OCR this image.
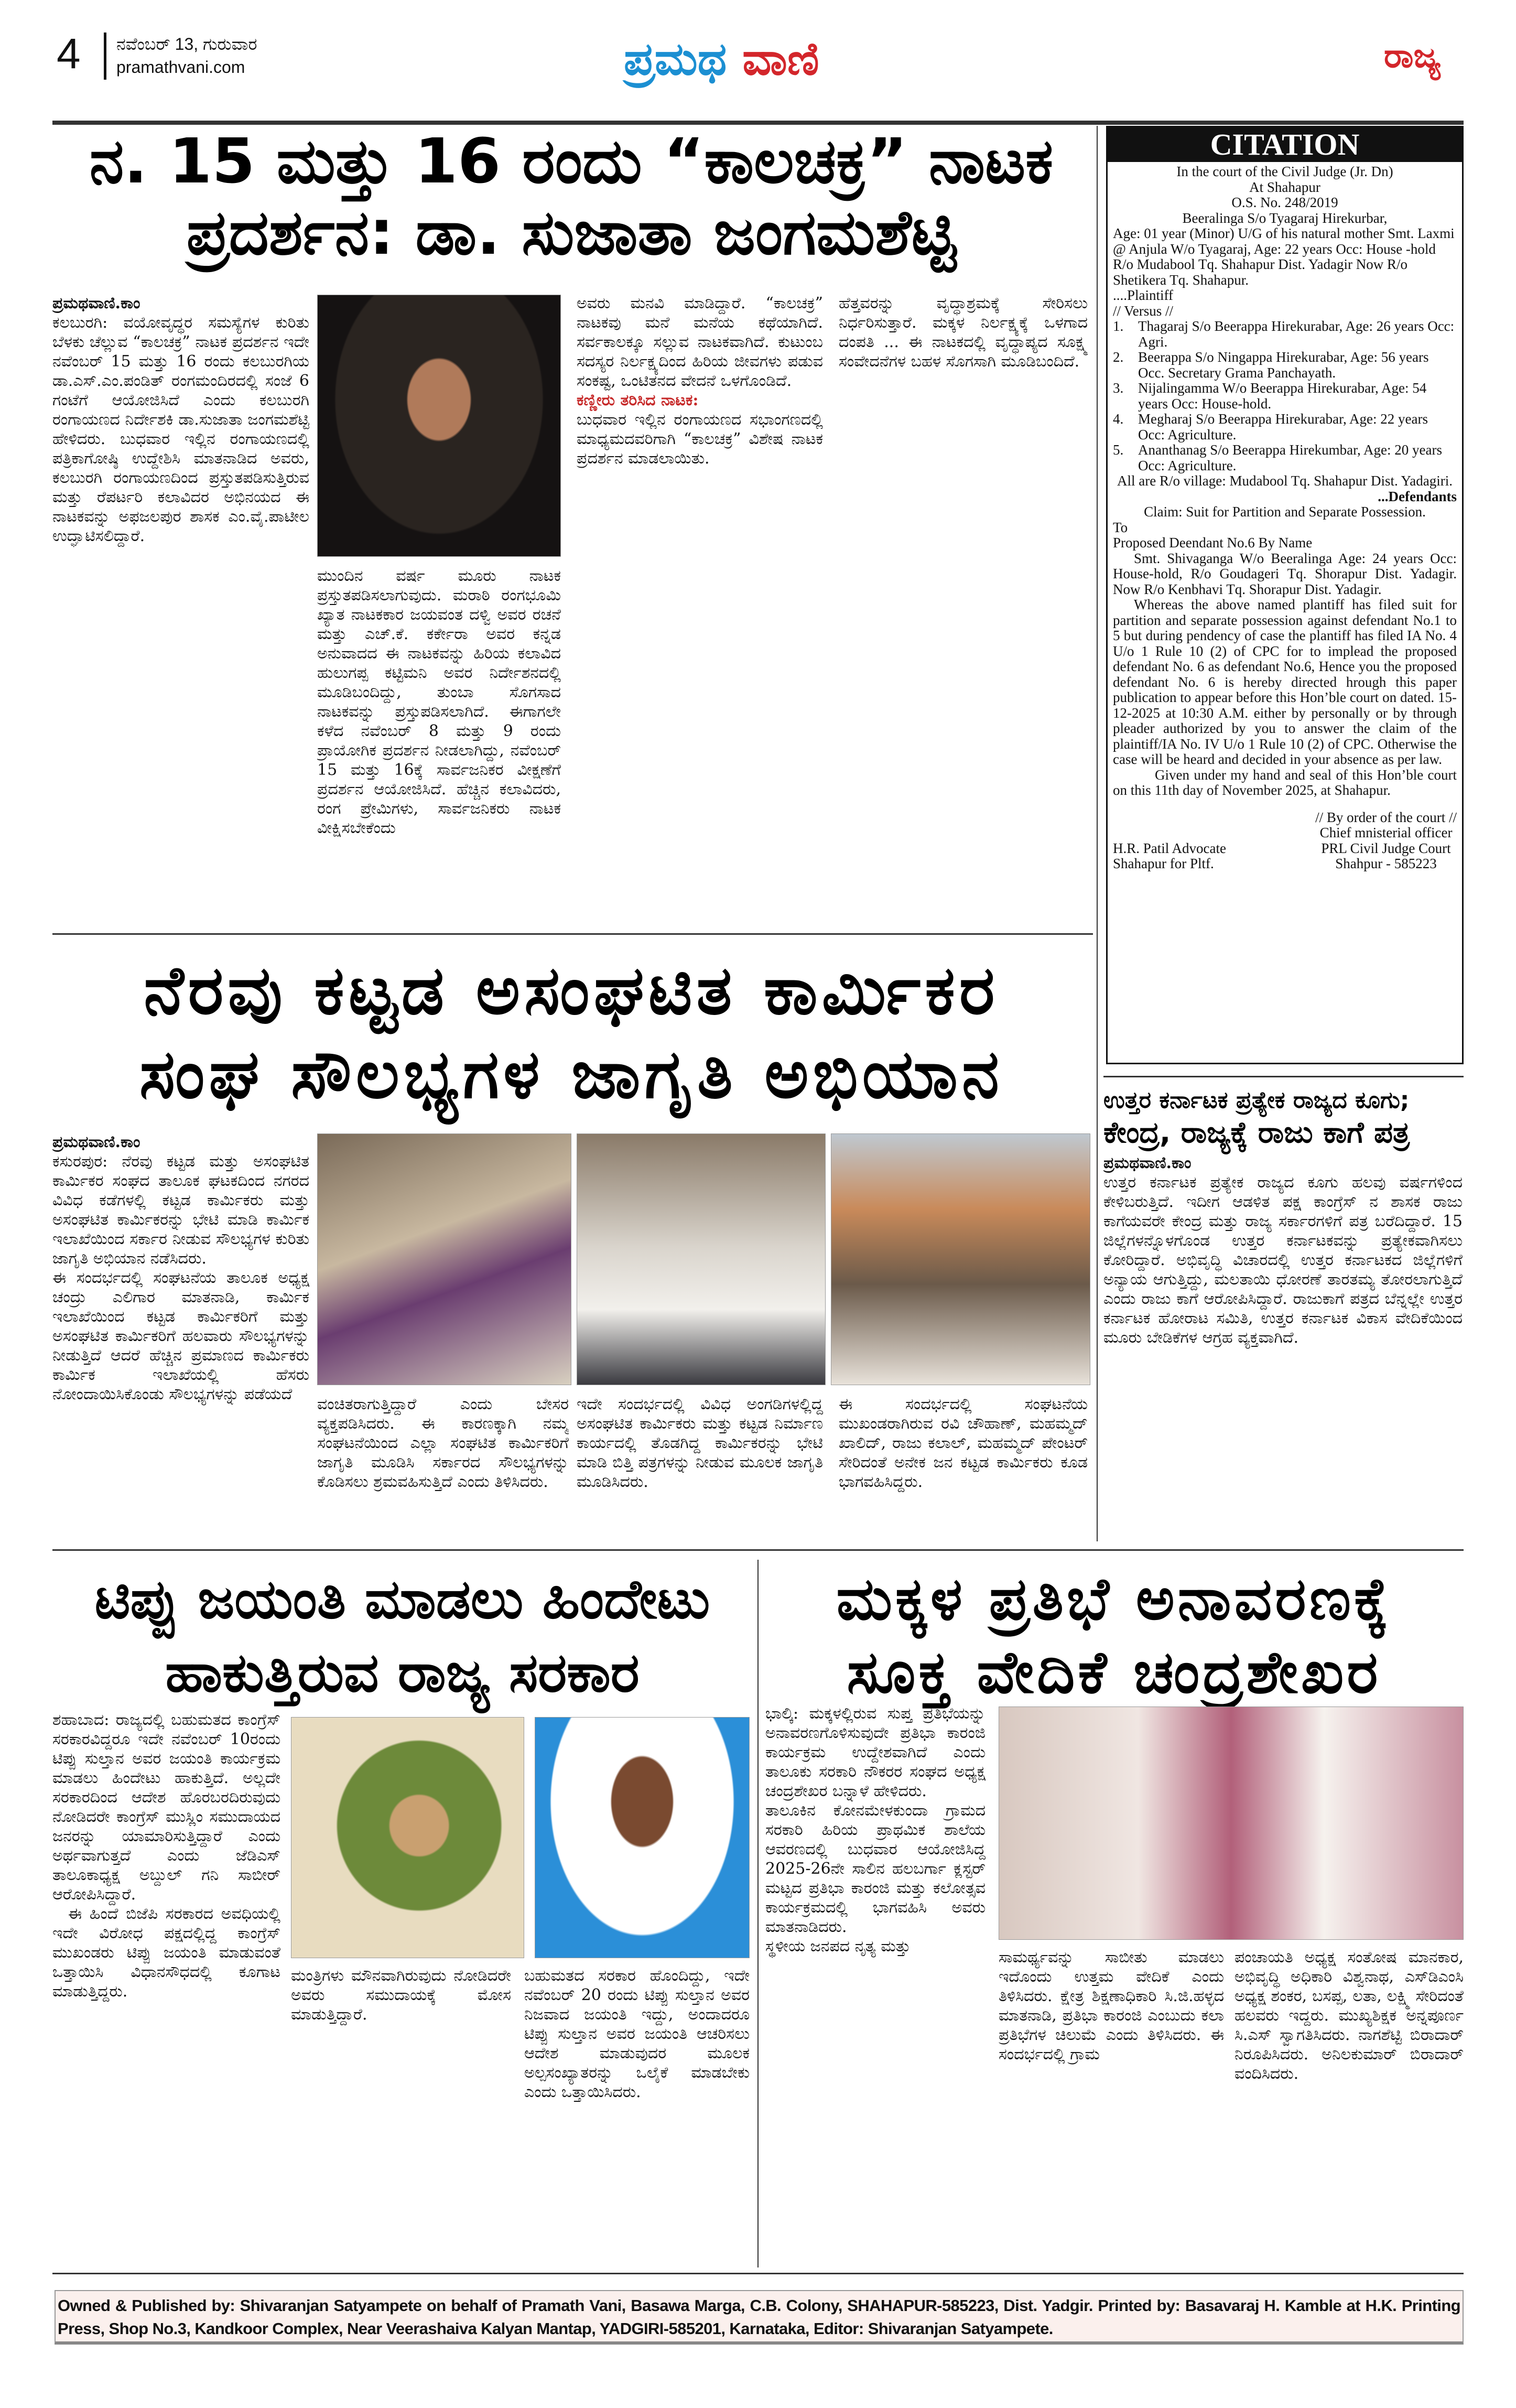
4 ನವೆಂಬರ್ 13, ಗುರುವಾರ
pramathvani.com	ಪ್ರಮಥ ವಾಣಿ	ರಾಜ್ಯ
ನ. 15 ಮತ್ತು 16 ರಂದು “ಕಾಲಚಕ್ರ” ನಾಟಕ
ಪ್ರದರ್ಶನ: ಡಾ. ಸುಜಾತಾ ಜಂಗಮಶೆಟ್ಟಿ

ಪ್ರಮಥವಾಣಿ.ಕಾಂ

ಕಲಬುರಗಿ: ವಯೋವೃದ್ಧರ ಸಮಸ್ಯೆಗಳ ಕುರಿತು ಬೆಳಕು ಚೆಲ್ಲುವ “ಕಾಲಚಕ್ರ” ನಾಟಕ ಪ್ರದರ್ಶನ ಇದೇ ನವೆಂಬರ್ 15 ಮತ್ತು 16 ರಂದು ಕಲಬುರಗಿಯ ಡಾ.ಎಸ್.ಎಂ.ಪಂಡಿತ್ ರಂಗಮಂದಿರದಲ್ಲಿ ಸಂಜೆ 6 ಗಂಟೆಗೆ ಆಯೋಜಿಸಿದೆ ಎಂದು ಕಲಬುರಗಿ ರಂಗಾಯಣದ ನಿರ್ದೇಶಕಿ ಡಾ.ಸುಜಾತಾ ಜಂಗಮಶೆಟ್ಟಿ ಹೇಳಿದರು. ಬುಧವಾರ ಇಲ್ಲಿನ ರಂಗಾಯಣದಲ್ಲಿ ಪತ್ರಿಕಾಗೋಷ್ಠಿ ಉದ್ದೇಶಿಸಿ ಮಾತನಾಡಿದ ಅವರು, ಕಲಬುರಗಿ ರಂಗಾಯಣದಿಂದ ಪ್ರಸ್ತುತಪಡಿಸುತ್ತಿರುವ ಮತ್ತು ರೆಪರ್ಟರಿ ಕಲಾವಿದರ ಅಭಿನಯದ ಈ ನಾಟಕವನ್ನು ಅಫಜಲಪುರ ಶಾಸಕ ಎಂ.ವೈ.ಪಾಟೀಲ ಉದ್ಘಾಟಿಸಲಿದ್ದಾರೆ.

ಮುಂದಿನ ವರ್ಷ ಮೂರು ನಾಟಕ ಪ್ರಸ್ತುತಪಡಿಸಲಾಗುವುದು. ಮರಾಠಿ ರಂಗಭೂಮಿ ಖ್ಯಾತ ನಾಟಕಕಾರ ಜಯವಂತ ದಳ್ವಿ ಅವರ ರಚನೆ ಮತ್ತು ಎಚ್.ಕೆ. ಕರ್ಕೇರಾ ಅವರ ಕನ್ನಡ ಅನುವಾದದ ಈ ನಾಟಕವನ್ನು ಹಿರಿಯ ಕಲಾವಿದ ಹುಲುಗಪ್ಪ ಕಟ್ಟಿಮನಿ ಅವರ ನಿರ್ದೇಶನದಲ್ಲಿ ಮೂಡಿಬಂದಿದ್ದು, ತುಂಬಾ ಸೊಗಸಾದ ನಾಟಕವನ್ನು ಪ್ರಸ್ತುಪಡಿಸಲಾಗಿದೆ. ಈಗಾಗಲೇ ಕಳೆದ ನವೆಂಬರ್ 8 ಮತ್ತು 9 ರಂದು ಪ್ರಾಯೋಗಿಕ ಪ್ರದರ್ಶನ ನೀಡಲಾಗಿದ್ದು, ನವೆಂಬರ್ 15 ಮತ್ತು 16ಕ್ಕೆ ಸಾರ್ವಜನಿಕರ ವೀಕ್ಷಣೆಗೆ ಪ್ರದರ್ಶನ ಆಯೋಜಿಸಿದೆ. ಹೆಚ್ಚಿನ ಕಲಾವಿದರು, ರಂಗ ಪ್ರೇಮಿಗಳು, ಸಾರ್ವಜನಿಕರು ನಾಟಕ ವೀಕ್ಷಿಸಬೇಕೆಂದು

ಅವರು ಮನವಿ ಮಾಡಿದ್ದಾರೆ. “ಕಾಲಚಕ್ರ” ನಾಟಕವು ಮನೆ ಮನೆಯ ಕಥೆಯಾಗಿದೆ. ಸರ್ವಕಾಲಕ್ಕೂ ಸಲ್ಲುವ ನಾಟಕವಾಗಿದೆ. ಕುಟುಂಬ ಸದಸ್ಯರ ನಿರ್ಲಕ್ಷ್ಯದಿಂದ ಹಿರಿಯ ಜೀವಗಳು ಪಡುವ ಸಂಕಷ್ಟ, ಒಂಟಿತನದ ವೇದನೆ ಒಳಗೊಂಡಿದೆ.

ಕಣ್ಣೀರು ತರಿಸಿದ ನಾಟಕ:

ಬುಧವಾರ ಇಲ್ಲಿನ ರಂಗಾಯಣದ ಸಭಾಂಗಣದಲ್ಲಿ ಮಾಧ್ಯಮದವರಿಗಾಗಿ “ಕಾಲಚಕ್ರ” ವಿಶೇಷ ನಾಟಕ ಪ್ರದರ್ಶನ ಮಾಡಲಾಯಿತು.

ಹೆತ್ತವರನ್ನು ವೃದ್ಧಾಶ್ರಮಕ್ಕೆ ಸೇರಿಸಲು ನಿರ್ಧರಿಸುತ್ತಾರೆ. ಮಕ್ಕಳ ನಿರ್ಲಕ್ಷ್ಯಕ್ಕೆ ಒಳಗಾದ ದಂಪತಿ ... ಈ ನಾಟಕದಲ್ಲಿ ವೃದ್ಧಾಪ್ಯದ ಸೂಕ್ಷ್ಮ ಸಂವೇದನೆಗಳ ಬಹಳ ಸೊಗಸಾಗಿ ಮೂಡಿಬಂದಿದೆ.

ನೆರವು ಕಟ್ಟಡ ಅಸಂಘಟಿತ ಕಾರ್ಮಿಕರ
ಸಂಘ ಸೌಲಭ್ಯಗಳ ಜಾಗೃತಿ ಅಭಿಯಾನ

ಪ್ರಮಥವಾಣಿ.ಕಾಂ

ಕಸುರಪುರ: ನೆರವು ಕಟ್ಟಡ ಮತ್ತು ಅಸಂಘಟಿತ ಕಾರ್ಮಿಕರ ಸಂಘದ ತಾಲೂಕ ಘಟಕದಿಂದ ನಗರದ ವಿವಿಧ ಕಡೆಗಳಲ್ಲಿ ಕಟ್ಟಡ ಕಾರ್ಮಿಕರು ಮತ್ತು ಅಸಂಘಟಿತ ಕಾರ್ಮಿಕರನ್ನು ಭೇಟಿ ಮಾಡಿ ಕಾರ್ಮಿಕ ಇಲಾಖೆಯಿಂದ ಸರ್ಕಾರ ನೀಡುವ ಸೌಲಭ್ಯಗಳ ಕುರಿತು ಜಾಗೃತಿ ಅಭಿಯಾನ ನಡೆಸಿದರು.

ಈ ಸಂದರ್ಭದಲ್ಲಿ ಸಂಘಟನೆಯ ತಾಲೂಕ ಅಧ್ಯಕ್ಷ ಚಂದ್ರು ಎಲಿಗಾರ ಮಾತನಾಡಿ, ಕಾರ್ಮಿಕ ಇಲಾಖೆಯಿಂದ ಕಟ್ಟಡ ಕಾರ್ಮಿಕರಿಗೆ ಮತ್ತು ಅಸಂಘಟಿತ ಕಾರ್ಮಿಕರಿಗೆ ಹಲವಾರು ಸೌಲಭ್ಯಗಳನ್ನು ನೀಡುತ್ತಿದೆ ಆದರೆ ಹೆಚ್ಚಿನ ಪ್ರಮಾಣದ ಕಾರ್ಮಿಕರು ಕಾರ್ಮಿಕ ಇಲಾಖೆಯಲ್ಲಿ ಹೆಸರು ನೋಂದಾಯಿಸಿಕೊಂಡು ಸೌಲಭ್ಯಗಳನ್ನು ಪಡೆಯದೆ

ವಂಚಿತರಾಗುತ್ತಿದ್ದಾರೆ ಎಂದು ಬೇಸರ ವ್ಯಕ್ತಪಡಿಸಿದರು. ಈ ಕಾರಣಕ್ಕಾಗಿ ನಮ್ಮ ಸಂಘಟನೆಯಿಂದ ಎಲ್ಲಾ ಸಂಘಟಿತ ಕಾರ್ಮಿಕರಿಗೆ ಜಾಗೃತಿ ಮೂಡಿಸಿ ಸರ್ಕಾರದ ಸೌಲಭ್ಯಗಳನ್ನು ಕೊಡಿಸಲು ಶ್ರಮವಹಿಸುತ್ತಿದೆ ಎಂದು ತಿಳಿಸಿದರು.

ಇದೇ ಸಂದರ್ಭದಲ್ಲಿ ವಿವಿಧ ಅಂಗಡಿಗಳಲ್ಲಿದ್ದ ಅಸಂಘಟಿತ ಕಾರ್ಮಿಕರು ಮತ್ತು ಕಟ್ಟಡ ನಿರ್ಮಾಣ ಕಾರ್ಯದಲ್ಲಿ ತೊಡಗಿದ್ದ ಕಾರ್ಮಿಕರನ್ನು ಭೇಟಿ ಮಾಡಿ ಬಿತ್ತಿ ಪತ್ರಗಳನ್ನು ನೀಡುವ ಮೂಲಕ ಜಾಗೃತಿ ಮೂಡಿಸಿದರು.

ಈ ಸಂದರ್ಭದಲ್ಲಿ ಸಂಘಟನೆಯ ಮುಖಂಡರಾಗಿರುವ ರವಿ ಚೌಹಾಣ್, ಮಹಮ್ಮದ್ ಖಾಲಿದ್, ರಾಜು ಕಲಾಲ್, ಮಹಮ್ಮದ್ ಪೇಂಟರ್ ಸೇರಿದಂತೆ ಅನೇಕ ಜನ ಕಟ್ಟಡ ಕಾರ್ಮಿಕರು ಕೂಡ ಭಾಗವಹಿಸಿದ್ದರು.

CITATION
In the court of the Civil Judge (Jr. Dn)
At Shahapur
O.S. No. 248/2019
Beeralinga S/o Tyagaraj Hirekurbar,
Age: 01 year (Minor) U/G of his natural mother Smt. Laxmi @ Anjula W/o Tyagaraj, Age: 22 years Occ: House -hold R/o Mudabool Tq. Shahapur Dist. Yadagir Now R/o Shetikera Tq. Shahapur.
....Plaintiff
// Versus //
1.	Thagaraj S/o Beerappa Hirekurabar, Age: 26 years Occ: Agri.
2.	Beerappa S/o Ningappa Hirekurabar, Age: 56 years Occ. Secretary Grama Panchayath.
3.	Nijalingamma W/o Beerappa Hirekurabar, Age: 54 years Occ: House-hold.
4.	Megharaj S/o Beerappa Hirekurabar, Age: 22 years Occ: Agriculture.
5.	Ananthanag S/o Beerappa Hirekumbar, Age: 20 years Occ: Agriculture.
All are R/o village: Mudabool Tq. Shahapur Dist. Yadagiri.
...Defendants
Claim: Suit for Partition and Separate Possession.
To
Proposed Deendant No.6 By Name
Smt. Shivaganga W/o Beeralinga Age: 24 years Occ: House-hold, R/o Goudageri Tq. Shorapur Dist. Yadagir. Now R/o Kenbhavi Tq. Shorapur Dist. Yadagir.
Whereas the above named plantiff has filed suit for partition and separate possession against defendant No.1 to 5 but during pendency of case the plantiff has filed IA No. 4 U/o 1 Rule 10 (2) of CPC for to implead the proposed defendant No. 6 as defendant No.6, Hence you the proposed defendant No. 6 is hereby directed hrough this paper publication to appear before this Hon’ble court on dated. 15-12-2025 at 10:30 A.M. either by personally or by through pleader authorized by you to answer the claim of the plaintiff/IA No. IV U/o 1 Rule 10 (2) of CPC. Otherwise the case will be heard and decided in your absence as per law.
Given under my hand and seal of this Hon’ble court on this 11th day of November 2025, at Shahapur.
H.R. Patil Advocate
Shahapur for Pltf.
// By order of the court //
Chief mnisterial officer
PRL Civil Judge Court
Shahpur - 585223
ಉತ್ತರ ಕರ್ನಾಟಕ ಪ್ರತ್ಯೇಕ ರಾಜ್ಯದ ಕೂಗು;
ಕೇಂದ್ರ, ರಾಜ್ಯಕ್ಕೆ ರಾಜು ಕಾಗೆ ಪತ್ರ

ಪ್ರಮಥವಾಣಿ.ಕಾಂ

ಉತ್ತರ ಕರ್ನಾಟಕ ಪ್ರತ್ಯೇಕ ರಾಜ್ಯದ ಕೂಗು ಹಲವು ವರ್ಷಗಳಿಂದ ಕೇಳಿಬರುತ್ತಿದೆ. ಇದೀಗ ಆಡಳಿತ ಪಕ್ಷ ಕಾಂಗ್ರೆಸ್ ನ ಶಾಸಕ ರಾಜು ಕಾಗೆಯವರೇ ಕೇಂದ್ರ ಮತ್ತು ರಾಜ್ಯ ಸರ್ಕಾರಗಳಿಗೆ ಪತ್ರ ಬರೆದಿದ್ದಾರೆ. 15 ಜಿಲ್ಲೆಗಳನ್ನೊಳಗೊಂಡ ಉತ್ತರ ಕರ್ನಾಟಕವನ್ನು ಪ್ರತ್ಯೇಕವಾಗಿಸಲು ಕೋರಿದ್ದಾರೆ. ಅಭಿವೃದ್ಧಿ ವಿಚಾರದಲ್ಲಿ ಉತ್ತರ ಕರ್ನಾಟಕದ ಜಿಲ್ಲೆಗಳಿಗೆ ಅನ್ಯಾಯ ಆಗುತ್ತಿದ್ದು, ಮಲತಾಯಿ ಧೋರಣೆ ತಾರತಮ್ಯ ತೋರಲಾಗುತ್ತಿದೆ ಎಂದು ರಾಜು ಕಾಗೆ ಆರೋಪಿಸಿದ್ದಾರೆ. ರಾಜುಕಾಗೆ ಪತ್ರದ ಬೆನ್ನಲ್ಲೇ ಉತ್ತರ ಕರ್ನಾಟಕ ಹೋರಾಟ ಸಮಿತಿ, ಉತ್ತರ ಕರ್ನಾಟಕ ವಿಕಾಸ ವೇದಿಕೆಯಿಂದ ಮೂರು ಬೇಡಿಕೆಗಳ ಆಗ್ರಹ ವ್ಯಕ್ತವಾಗಿದೆ.

ಟಿಪ್ಪು ಜಯಂತಿ ಮಾಡಲು ಹಿಂದೇಟು
ಹಾಕುತ್ತಿರುವ ರಾಜ್ಯ ಸರಕಾರ

ಶಹಾಬಾದ: ರಾಜ್ಯದಲ್ಲಿ ಬಹುಮತದ ಕಾಂಗ್ರೆಸ್ ಸರಕಾರವಿದ್ದರೂ ಇದೇ ನವೆಂಬರ್ 10ರಂದು ಟಿಪ್ಪು ಸುಲ್ತಾನ ಅವರ ಜಯಂತಿ ಕಾರ್ಯಕ್ರಮ ಮಾಡಲು ಹಿಂದೇಟು ಹಾಕುತ್ತಿದೆ. ಅಲ್ಲದೇ ಸರಕಾರದಿಂದ ಆದೇಶ ಹೊರಬರದಿರುವುದು ನೋಡಿದರೇ ಕಾಂಗ್ರೆಸ್ ಮುಸ್ಲಿಂ ಸಮುದಾಯದ ಜನರನ್ನು ಯಾಮಾರಿಸುತ್ತಿದ್ದಾರೆ ಎಂದು ಅರ್ಥವಾಗುತ್ತದೆ ಎಂದು ಜೆಡಿಎಸ್ ತಾಲೂಕಾಧ್ಯಕ್ಷ ಅಬ್ದುಲ್ ಗನಿ ಸಾಬೀರ್ ಆರೋಪಿಸಿದ್ದಾರೆ.

ಈ ಹಿಂದೆ ಬಿಜೆಪಿ ಸರಕಾರದ ಅವಧಿಯಲ್ಲಿ ಇದೇ ವಿರೋಧ ಪಕ್ಷದಲ್ಲಿದ್ದ ಕಾಂಗ್ರೆಸ್ ಮುಖಂಡರು ಟಿಪ್ಪು ಜಯಂತಿ ಮಾಡುವಂತೆ ಒತ್ತಾಯಿಸಿ ವಿಧಾನಸೌಧದಲ್ಲಿ ಕೂಗಾಟ ಮಾಡುತ್ತಿದ್ದರು.

ಮಂತ್ರಿಗಳು ಮೌನವಾಗಿರುವುದು ನೋಡಿದರೇ ಅವರು ಸಮುದಾಯಕ್ಕೆ ಮೋಸ ಮಾಡುತ್ತಿದ್ದಾರೆ.

ಬಹುಮತದ ಸರಕಾರ ಹೊಂದಿದ್ದು, ಇದೇ ನವೆಂಬರ್ 20 ರಂದು ಟಿಪ್ಪು ಸುಲ್ತಾನ ಅವರ ನಿಜವಾದ ಜಯಂತಿ ಇದ್ದು, ಅಂದಾದರೂ ಟಿಪ್ಪು ಸುಲ್ತಾನ ಅವರ ಜಯಂತಿ ಆಚರಿಸಲು ಆದೇಶ ಮಾಡುವುದರ ಮೂಲಕ ಅಲ್ಪಸಂಖ್ಯಾತರನ್ನು ಒಲೈಕೆ ಮಾಡಬೇಕು ಎಂದು ಒತ್ತಾಯಿಸಿದರು.

ಮಕ್ಕಳ ಪ್ರತಿಭೆ ಅನಾವರಣಕ್ಕೆ
ಸೂಕ್ತ ವೇದಿಕೆ ಚಂದ್ರಶೇಖರ

ಭಾಲ್ಕಿ: ಮಕ್ಕಳಲ್ಲಿರುವ ಸುಪ್ತ ಪ್ರತಿಭೆಯನ್ನು ಅನಾವರಣಗೊಳಿಸುವುದೇ ಪ್ರತಿಭಾ ಕಾರಂಜಿ ಕಾರ್ಯಕ್ರಮ ಉದ್ದೇಶವಾಗಿದೆ ಎಂದು ತಾಲೂಕು ಸರಕಾರಿ ನೌಕರರ ಸಂಘದ ಅಧ್ಯಕ್ಷ ಚಂದ್ರಶೇಖರ ಬನ್ನಾಳೆ ಹೇಳಿದರು.

ತಾಲೂಕಿನ ಕೋನಮೇಳಕುಂದಾ ಗ್ರಾಮದ ಸರಕಾರಿ ಹಿರಿಯ ಪ್ರಾಥಮಿಕ ಶಾಲೆಯ ಆವರಣದಲ್ಲಿ ಬುಧವಾರ ಆಯೋಜಿಸಿದ್ದ 2025-26ನೇ ಸಾಲಿನ ಹಲಬರ್ಗಾ ಕ್ಲಸ್ಟರ್ ಮಟ್ಟದ ಪ್ರತಿಭಾ ಕಾರಂಜಿ ಮತ್ತು ಕಲೋತ್ಸವ ಕಾರ್ಯಕ್ರಮದಲ್ಲಿ ಭಾಗವಹಿಸಿ ಅವರು ಮಾತನಾಡಿದರು.

ಸ್ಥಳೀಯ ಜನಪದ ನೃತ್ಯ ಮತ್ತು

ಸಾಮರ್ಥ್ಯವನ್ನು ಸಾಬೀತು ಮಾಡಲು ಇದೊಂದು ಉತ್ತಮ ವೇದಿಕೆ ಎಂದು ತಿಳಿಸಿದರು. ಕ್ಷೇತ್ರ ಶಿಕ್ಷಣಾಧಿಕಾರಿ ಸಿ.ಜಿ.ಹಳ್ಳದ ಮಾತನಾಡಿ, ಪ್ರತಿಭಾ ಕಾರಂಜಿ ಎಂಬುದು ಕಲಾ ಪ್ರತಿಭೆಗಳ ಚಿಲುಮೆ ಎಂದು ತಿಳಿಸಿದರು. ಈ ಸಂದರ್ಭದಲ್ಲಿ ಗ್ರಾಮ

ಪಂಚಾಯತಿ ಅಧ್ಯಕ್ಷ ಸಂತೋಷ ಮಾನಕಾರ, ಅಭಿವೃದ್ಧಿ ಅಧಿಕಾರಿ ವಿಶ್ವನಾಥ, ಎಸ್‌ಡಿಎಂಸಿ ಅಧ್ಯಕ್ಷ ಶಂಕರ, ಬಸಪ್ಪ, ಲತಾ, ಲಕ್ಷ್ಮಿ ಸೇರಿದಂತೆ ಹಲವರು ಇದ್ದರು. ಮುಖ್ಯಶಿಕ್ಷಕ ಅನ್ನಪೂರ್ಣ ಸಿ.ಎಸ್ ಸ್ವಾಗತಿಸಿದರು. ನಾಗಶೆಟ್ಟಿ ಬಿರಾದಾರ್ ನಿರೂಪಿಸಿದರು. ಅನಿಲಕುಮಾರ್ ಬಿರಾದಾರ್ ವಂದಿಸಿದರು.

Owned & Published by: Shivaranjan Satyampete on behalf of Pramath Vani, Basawa Marga, C.B. Colony, SHAHAPUR-585223, Dist. Yadgir. Printed by: Basavaraj H. Kamble at H.K. Printing Press, Shop No.3, Kandkoor Complex, Near Veerashaiva Kalyan Mantap, YADGIRI-585201, Karnataka, Editor: Shivaranjan Satyampete.
